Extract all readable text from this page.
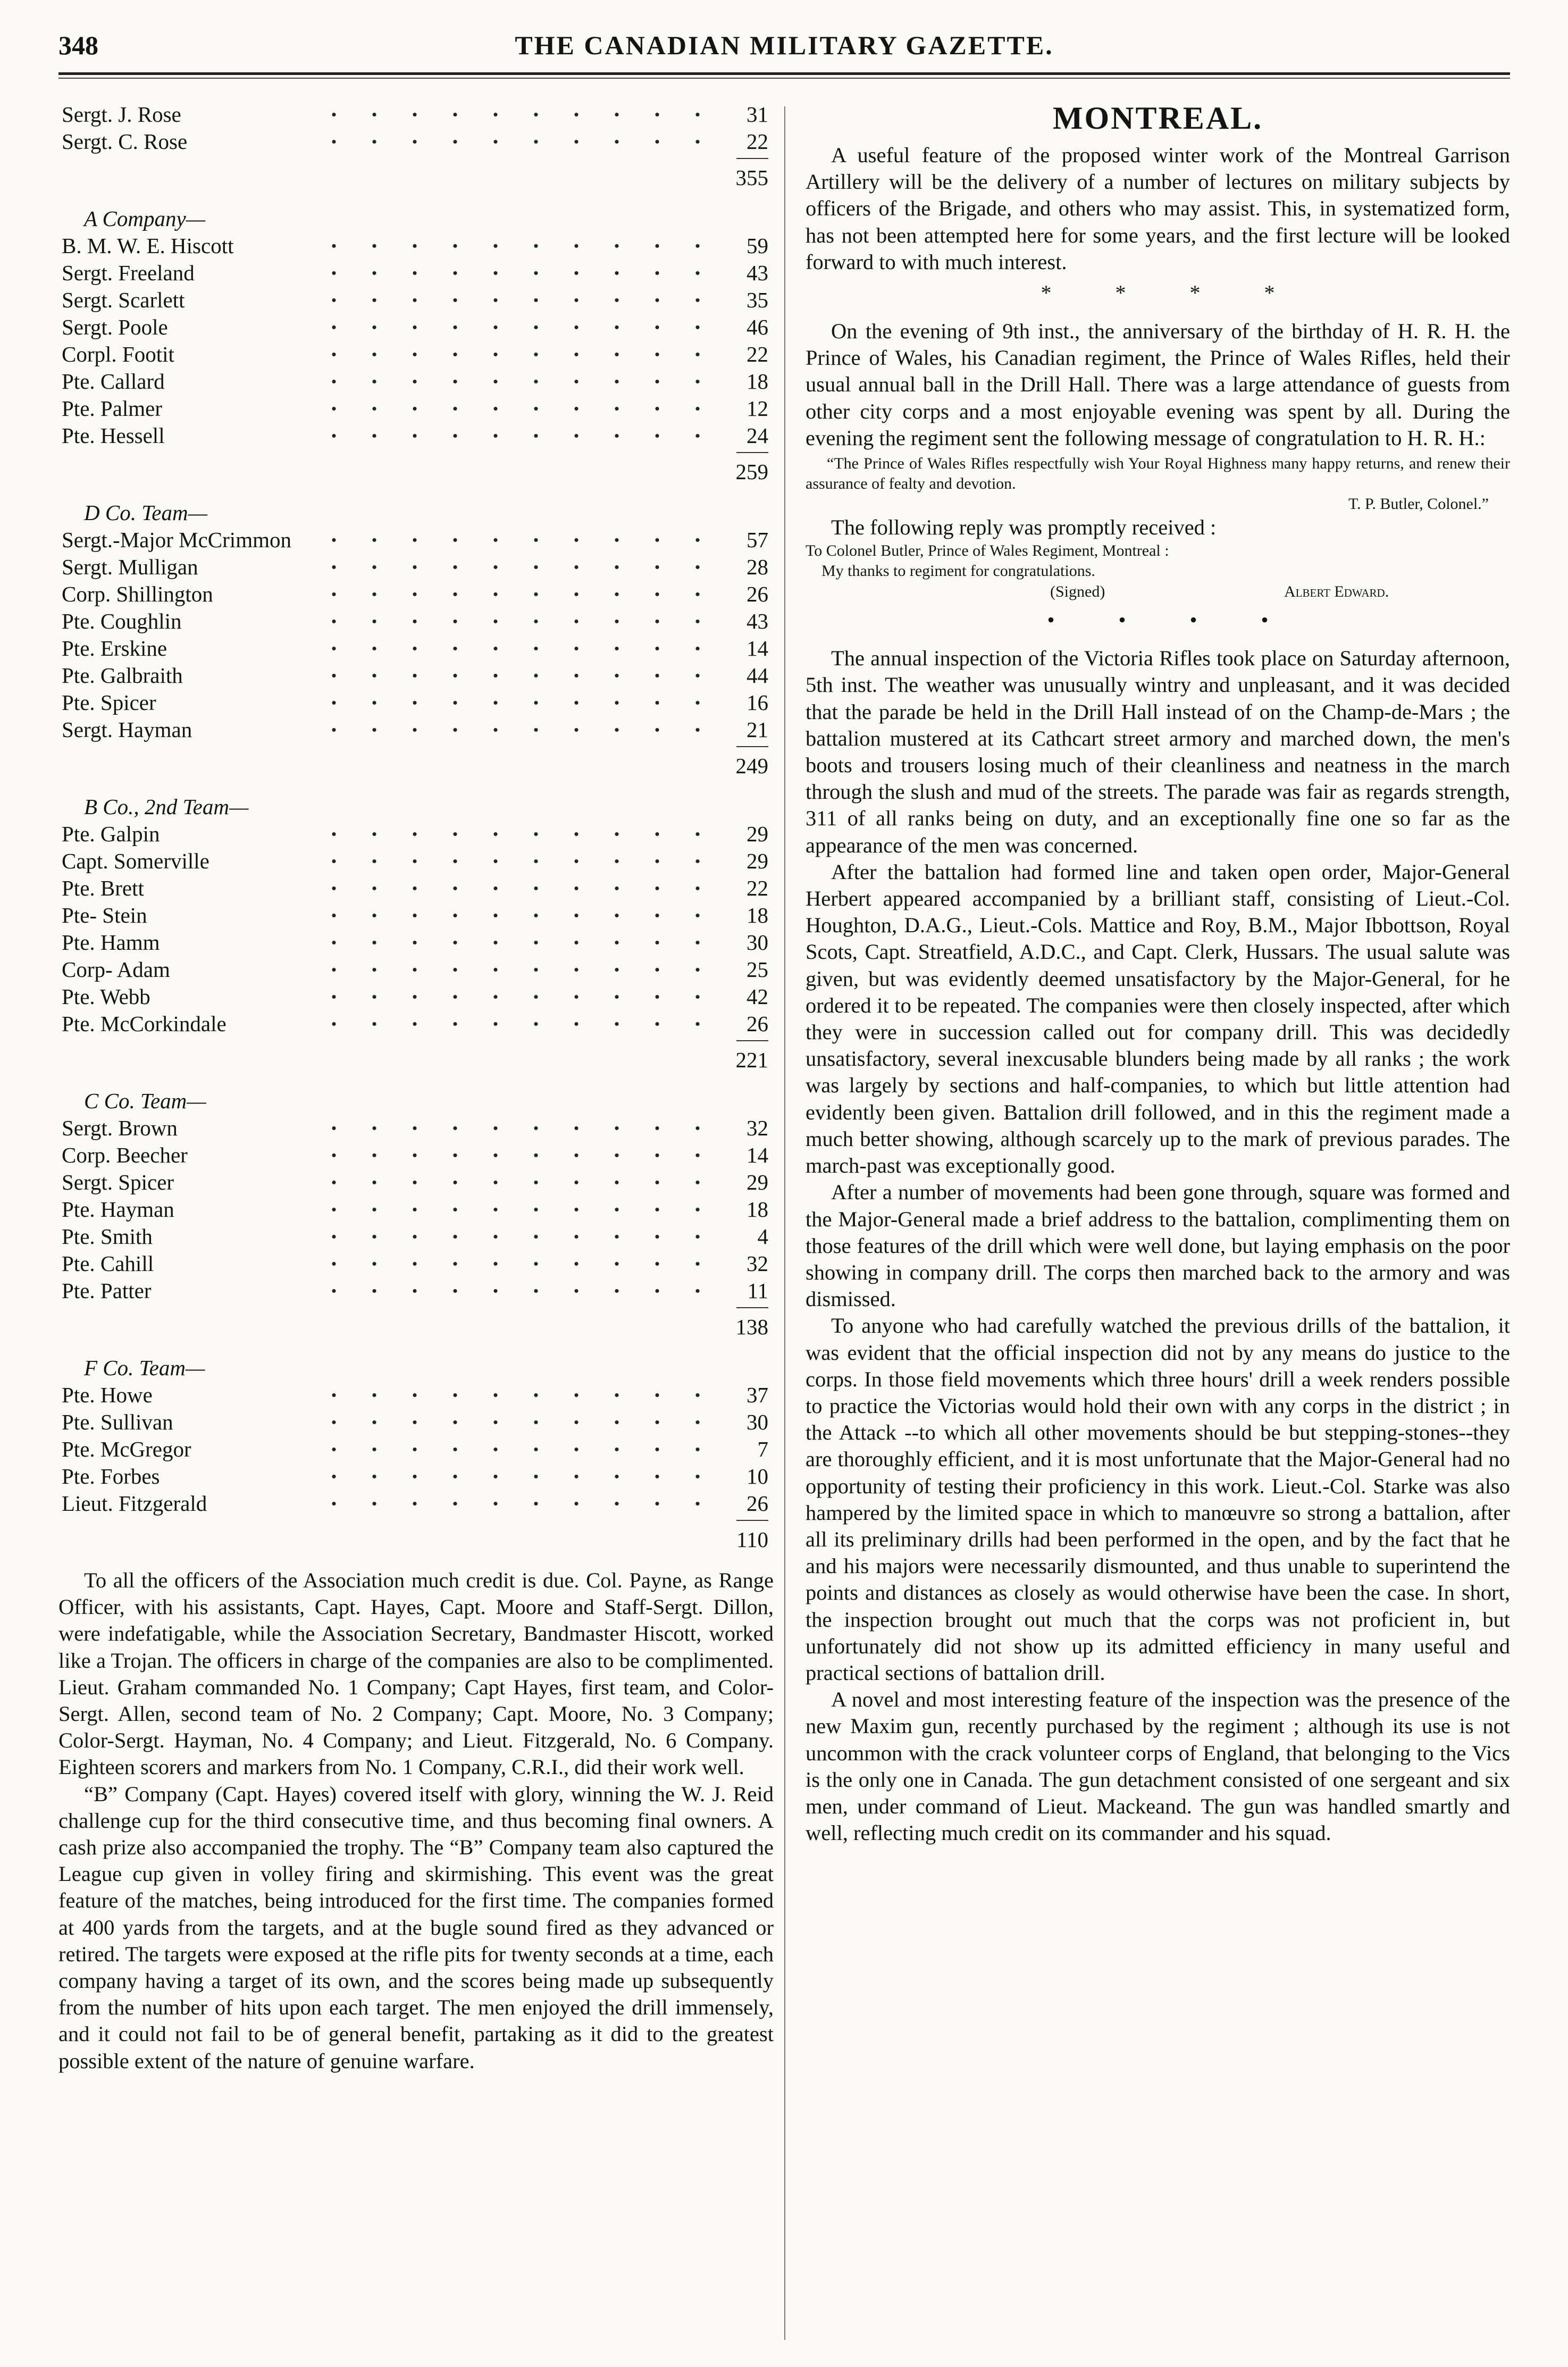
348	THE CANADIAN MILITARY GAZETTE.
Sergt. J. Rose	31
Sergt. C. Rose	22
355
A Company—
B. M. W. E. Hiscott	59
Sergt. Freeland	43
Sergt. Scarlett	35
Sergt. Poole	46
Corpl. Footit	22
Pte. Callard	18
Pte. Palmer	12
Pte. Hessell	24
259
D Co. Team—
Sergt.-Major McCrimmon	57
Sergt. Mulligan	28
Corp. Shillington	26
Pte. Coughlin	43
Pte. Erskine	14
Pte. Galbraith	44
Pte. Spicer	16
Sergt. Hayman	21
249
B Co., 2nd Team—
Pte. Galpin	29
Capt. Somerville	29
Pte. Brett	22
Pte- Stein	18
Pte. Hamm	30
Corp- Adam	25
Pte. Webb	42
Pte. McCorkindale	26
221
C Co. Team—
Sergt. Brown	32
Corp. Beecher	14
Sergt. Spicer	29
Pte. Hayman	18
Pte. Smith	4
Pte. Cahill	32
Pte. Patter	11
138
F Co. Team—
Pte. Howe	37
Pte. Sullivan	30
Pte. McGregor	7
Pte. Forbes	10
Lieut. Fitzgerald	26
110

To all the officers of the Association much credit is due. Col. Payne, as Range Officer, with his assistants, Capt. Hayes, Capt. Moore and Staff-Sergt. Dillon, were indefatigable, while the Association Secretary, Bandmaster Hiscott, worked like a Trojan. The officers in charge of the companies are also to be complimented. Lieut. Graham commanded No. 1 Company; Capt Hayes, first team, and Color-Sergt. Allen, second team of No. 2 Company; Capt. Moore, No. 3 Company; Color-Sergt. Hayman, No. 4 Company; and Lieut. Fitzgerald, No. 6 Company. Eighteen scorers and markers from No. 1 Company, C.R.I., did their work well.

“B” Company (Capt. Hayes) covered itself with glory, winning the W. J. Reid challenge cup for the third consecutive time, and thus becoming final owners. A cash prize also accompanied the trophy. The “B” Company team also captured the League cup given in volley firing and skirmishing. This event was the great feature of the matches, being introduced for the first time. The companies formed at 400 yards from the targets, and at the bugle sound fired as they advanced or retired. The targets were exposed at the rifle pits for twenty seconds at a time, each company having a target of its own, and the scores being made up subsequently from the number of hits upon each target. The men enjoyed the drill immensely, and it could not fail to be of general benefit, partaking as it did to the greatest possible extent of the nature of genuine warfare.

MONTREAL.

A useful feature of the proposed winter work of the Montreal Garrison Artillery will be the delivery of a number of lectures on military subjects by officers of the Brigade, and others who may assist. This, in systematized form, has not been attempted here for some years, and the first lecture will be looked forward to with much interest.

* * * *

On the evening of 9th inst., the anniversary of the birthday of H. R. H. the Prince of Wales, his Canadian regiment, the Prince of Wales Rifles, held their usual annual ball in the Drill Hall. There was a large attendance of guests from other city corps and a most enjoyable evening was spent by all. During the evening the regiment sent the following message of congratulation to H. R. H.:

“The Prince of Wales Rifles respectfully wish Your Royal Highness many happy returns, and renew their assurance of fealty and devotion.

T. P. Butler, Colonel.”

The following reply was promptly received :

To Colonel Butler, Prince of Wales Regiment, Montreal :
My thanks to regiment for congratulations.
(Signed)	Albert Edward.
• • • •

The annual inspection of the Victoria Rifles took place on Saturday afternoon, 5th inst. The weather was unusually wintry and unpleasant, and it was decided that the parade be held in the Drill Hall instead of on the Champ-de-Mars ; the battalion mustered at its Cathcart street armory and marched down, the men's boots and trousers losing much of their cleanliness and neatness in the march through the slush and mud of the streets. The parade was fair as regards strength, 311 of all ranks being on duty, and an exceptionally fine one so far as the appearance of the men was concerned.

After the battalion had formed line and taken open order, Major-General Herbert appeared accompanied by a brilliant staff, consisting of Lieut.-Col. Houghton, D.A.G., Lieut.-Cols. Mattice and Roy, B.M., Major Ibbottson, Royal Scots, Capt. Streatfield, A.D.C., and Capt. Clerk, Hussars. The usual salute was given, but was evidently deemed unsatisfactory by the Major-General, for he ordered it to be repeated. The companies were then closely inspected, after which they were in succession called out for company drill. This was decidedly unsatisfactory, several inexcusable blunders being made by all ranks ; the work was largely by sections and half-companies, to which but little attention had evidently been given. Battalion drill followed, and in this the regiment made a much better showing, although scarcely up to the mark of previous parades. The march-past was exceptionally good.

After a number of movements had been gone through, square was formed and the Major-General made a brief address to the battalion, complimenting them on those features of the drill which were well done, but laying emphasis on the poor showing in company drill. The corps then marched back to the armory and was dismissed.

To anyone who had carefully watched the previous drills of the battalion, it was evident that the official inspection did not by any means do justice to the corps. In those field movements which three hours' drill a week renders possible to practice the Victorias would hold their own with any corps in the district ; in the Attack --to which all other movements should be but stepping-stones--they are thoroughly efficient, and it is most unfortunate that the Major-General had no opportunity of testing their proficiency in this work. Lieut.-Col. Starke was also hampered by the limited space in which to manœuvre so strong a battalion, after all its preliminary drills had been performed in the open, and by the fact that he and his majors were necessarily dismounted, and thus unable to superintend the points and distances as closely as would otherwise have been the case. In short, the inspection brought out much that the corps was not proficient in, but unfortunately did not show up its admitted efficiency in many useful and practical sections of battalion drill.

A novel and most interesting feature of the inspection was the presence of the new Maxim gun, recently purchased by the regiment ; although its use is not uncommon with the crack volunteer corps of England, that belonging to the Vics is the only one in Canada. The gun detachment consisted of one sergeant and six men, under command of Lieut. Mackeand. The gun was handled smartly and well, reflecting much credit on its commander and his squad.
